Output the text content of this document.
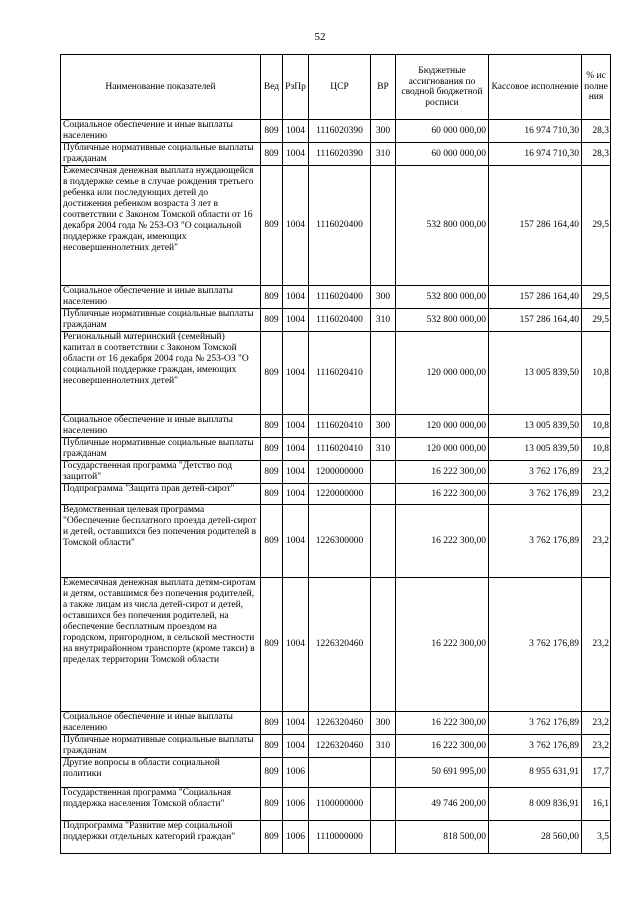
52
Наименование показателей	Вед	РзПр	ЦСР	ВР	Бюджетные ассигнования по сводной бюджетной росписи	Кассовое исполнение	% исполнения
Социальное обеспечение и иные выплаты населению	809	1004	1116020390	300	60 000 000,00	16 974 710,30	28,3
Публичные нормативные социальные выплаты гражданам	809	1004	1116020390	310	60 000 000,00	16 974 710,30	28,3
Ежемесячная денежная выплата нуждающейся в поддержке семье в случае рождения третьего ребенка или последующих детей до достижения ребенком возраста 3 лет в соответствии с Законом Томской области от 16 декабря 2004 года № 253-ОЗ "О социальной поддержке граждан, имеющих несовершеннолетних детей"	809	1004	1116020400		532 800 000,00	157 286 164,40	29,5
Социальное обеспечение и иные выплаты населению	809	1004	1116020400	300	532 800 000,00	157 286 164,40	29,5
Публичные нормативные социальные выплаты гражданам	809	1004	1116020400	310	532 800 000,00	157 286 164,40	29,5
Региональный материнский (семейный) капитал в соответствии с Законом Томской области от 16 декабря 2004 года № 253-ОЗ "О социальной поддержке граждан, имеющих несовершеннолетних детей"	809	1004	1116020410		120 000 000,00	13 005 839,50	10,8
Социальное обеспечение и иные выплаты населению	809	1004	1116020410	300	120 000 000,00	13 005 839,50	10,8
Публичные нормативные социальные выплаты гражданам	809	1004	1116020410	310	120 000 000,00	13 005 839,50	10,8
Государственная программа "Детство под защитой"	809	1004	1200000000		16 222 300,00	3 762 176,89	23,2
Подпрограмма "Защита прав детей-сирот"	809	1004	1220000000		16 222 300,00	3 762 176,89	23,2
Ведомственная целевая программа "Обеспечение бесплатного проезда детей-сирот и детей, оставшихся без попечения родителей в Томской области"	809	1004	1226300000		16 222 300,00	3 762 176,89	23,2
Ежемесячная денежная выплата детям-сиротам и детям, оставшимся без попечения родителей, а также лицам из числа детей-сирот и детей, оставшихся без попечения родителей, на обеспечение бесплатным проездом на городском, пригородном, в сельской местности на внутрирайонном транспорте (кроме такси) в пределах территории Томской области	809	1004	1226320460		16 222 300,00	3 762 176,89	23,2
Социальное обеспечение и иные выплаты населению	809	1004	1226320460	300	16 222 300,00	3 762 176,89	23,2
Публичные нормативные социальные выплаты гражданам	809	1004	1226320460	310	16 222 300,00	3 762 176,89	23,2
Другие вопросы в области социальной политики	809	1006			50 691 995,00	8 955 631,91	17,7
Государственная программа "Социальная поддержка населения Томской области"	809	1006	1100000000		49 746 200,00	8 009 836,91	16,1
Подпрограмма "Развитие мер социальной поддержки отдельных категорий граждан"	809	1006	1110000000		818 500,00	28 560,00	3,5
